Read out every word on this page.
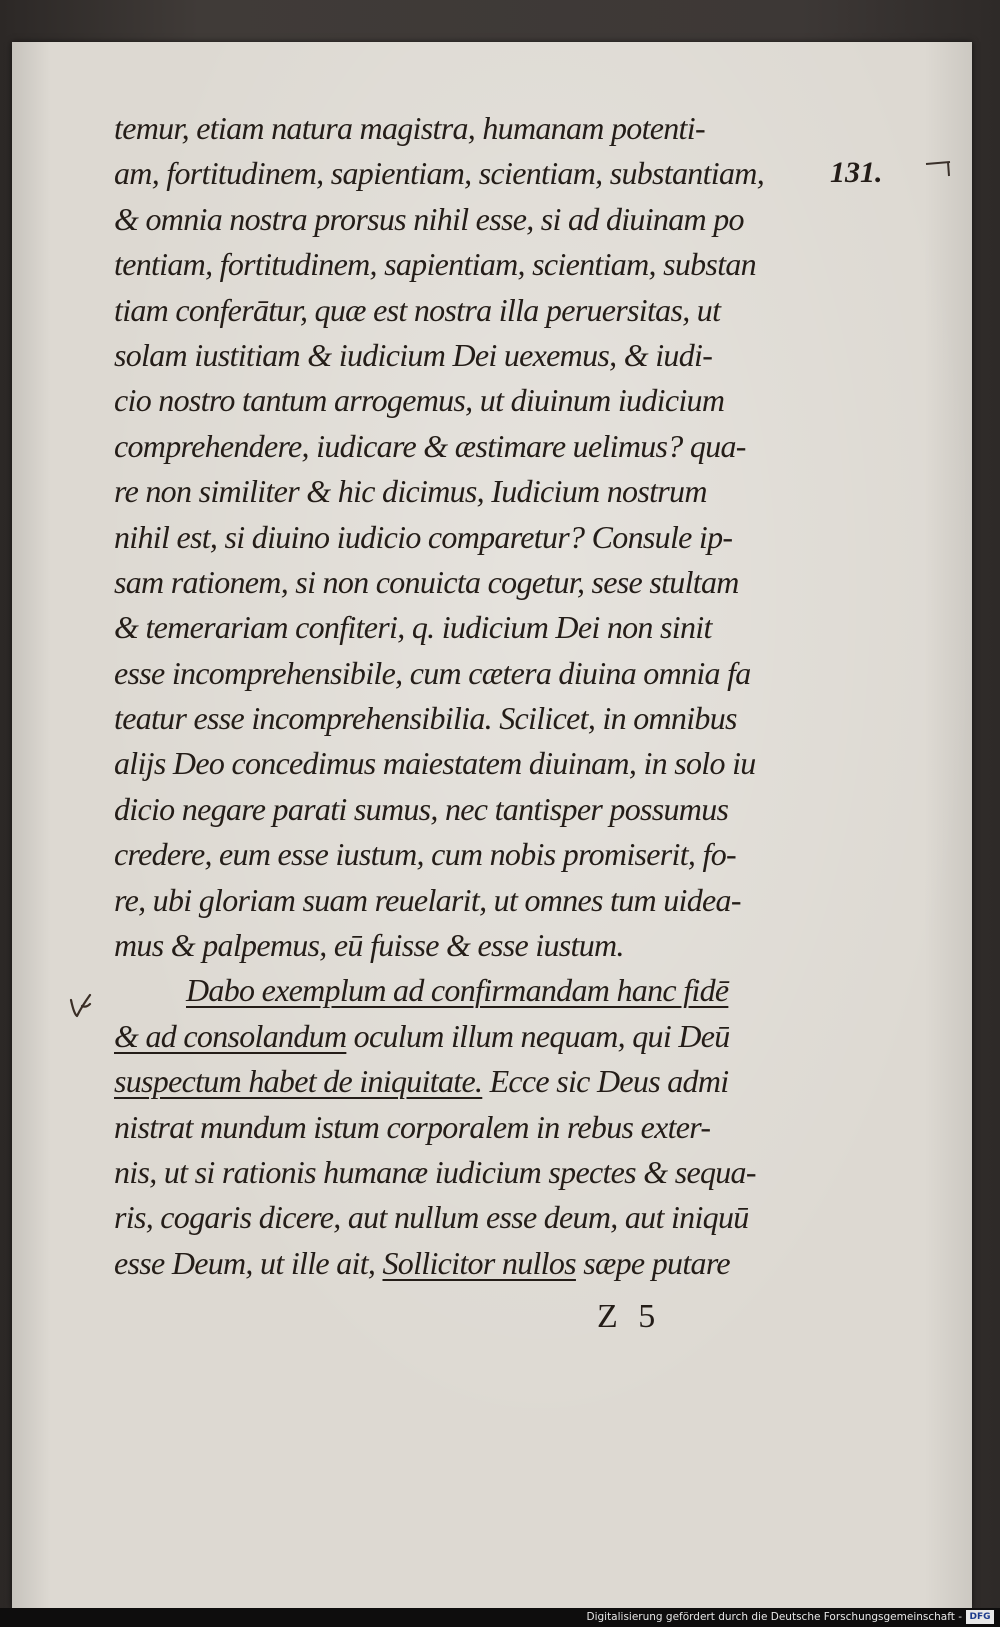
131.
temur, etiam natura magistra, humanam potenti-
am, fortitudinem, sapientiam, scientiam, substantiam,
& omnia nostra prorsus nihil esse, si ad diuinam po
tentiam, fortitudinem, sapientiam, scientiam, substan
tiam conferātur, quæ est nostra illa peruersitas, ut
solam iustitiam & iudicium Dei uexemus, & iudi-
cio nostro tantum arrogemus, ut diuinum iudicium
comprehendere, iudicare & æstimare uelimus? qua-
re non similiter & hic dicimus, Iudicium nostrum
nihil est, si diuino iudicio comparetur? Consule ip-
sam rationem, si non conuicta cogetur, sese stultam
& temerariam confiteri, q. iudicium Dei non sinit
esse incomprehensibile, cum cætera diuina omnia fa
teatur esse incomprehensibilia. Scilicet, in omnibus
alijs Deo concedimus maiestatem diuinam, in solo iu
dicio negare parati sumus, nec tantisper possumus
credere, eum esse iustum, cum nobis promiserit, fo-
re, ubi gloriam suam reuelarit, ut omnes tum uidea-
mus & palpemus, eū fuisse & esse iustum.
Dabo exemplum ad confirmandam hanc fidē
& ad consolandum oculum illum nequam, qui Deū
suspectum habet de iniquitate. Ecce sic Deus admi
nistrat mundum istum corporalem in rebus exter-
nis, ut si rationis humanæ iudicium spectes & sequa-
ris, cogaris dicere, aut nullum esse deum, aut iniquū
esse Deum, ut ille ait, Sollicitor nullos sæpe putare
Z 5
Digitalisierung gefördert durch die Deutsche Forschungsgemeinschaft - DFG
